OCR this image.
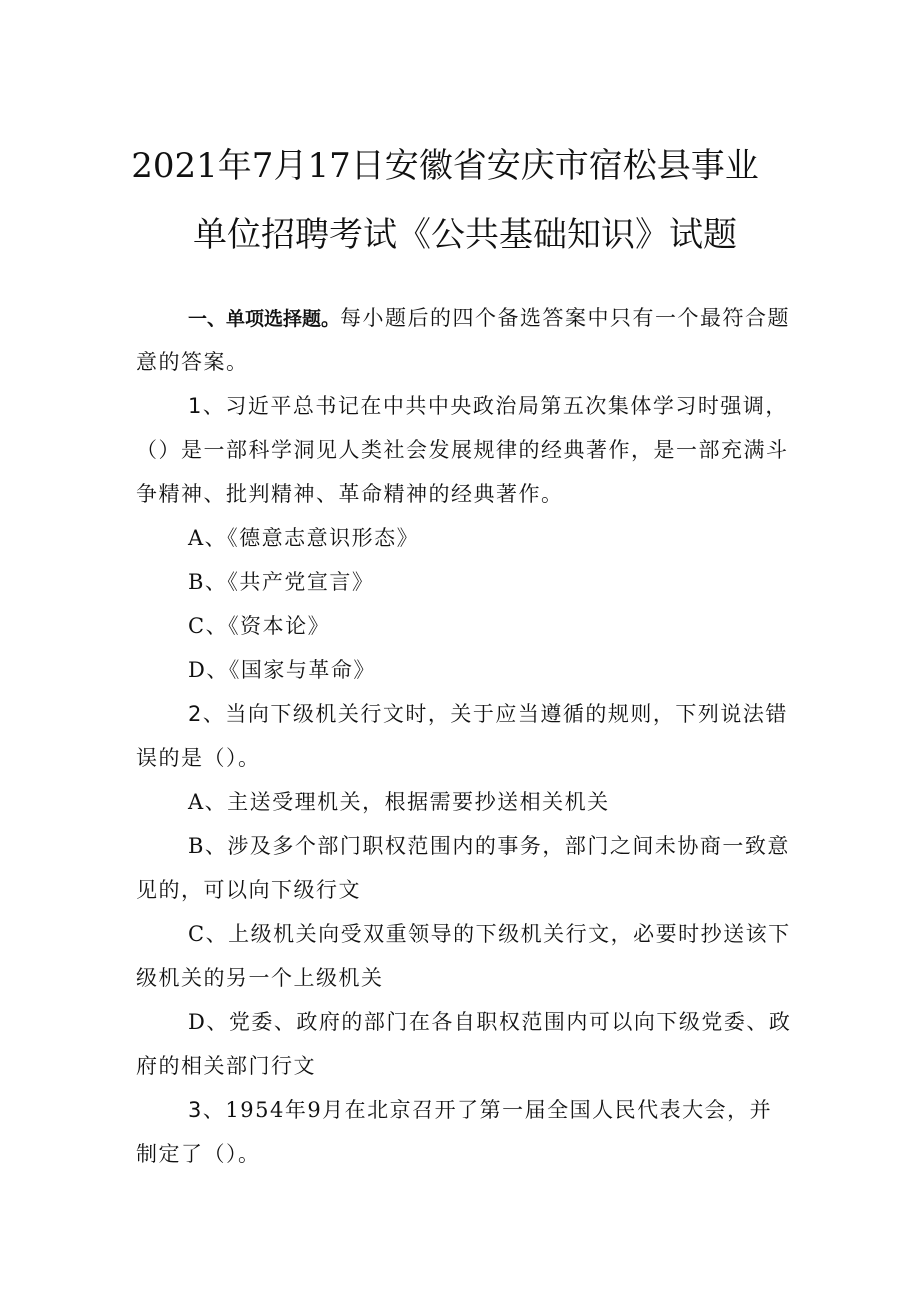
2021年7月17日安徽省安庆市宿松县事业
单位招聘考试《公共基础知识》试题
一、单项选择题。每小题后的四个备选答案中只有一个最符合题
意的答案。
1、习近平总书记在中共中央政治局第五次集体学习时强调，
（）是一部科学洞见人类社会发展规律的经典著作，是一部充满斗
争精神、批判精神、革命精神的经典著作。
A、《德意志意识形态》
B、《共产党宣言》
C、《资本论》
D、《国家与革命》
2、当向下级机关行文时，关于应当遵循的规则，下列说法错
误的是（）。
A、主送受理机关，根据需要抄送相关机关
B、涉及多个部门职权范围内的事务，部门之间未协商一致意
见的，可以向下级行文
C、上级机关向受双重领导的下级机关行文，必要时抄送该下
级机关的另一个上级机关
D、党委、政府的部门在各自职权范围内可以向下级党委、政
府的相关部门行文
3、1954年9月在北京召开了第一届全国人民代表大会，并
制定了（）。
